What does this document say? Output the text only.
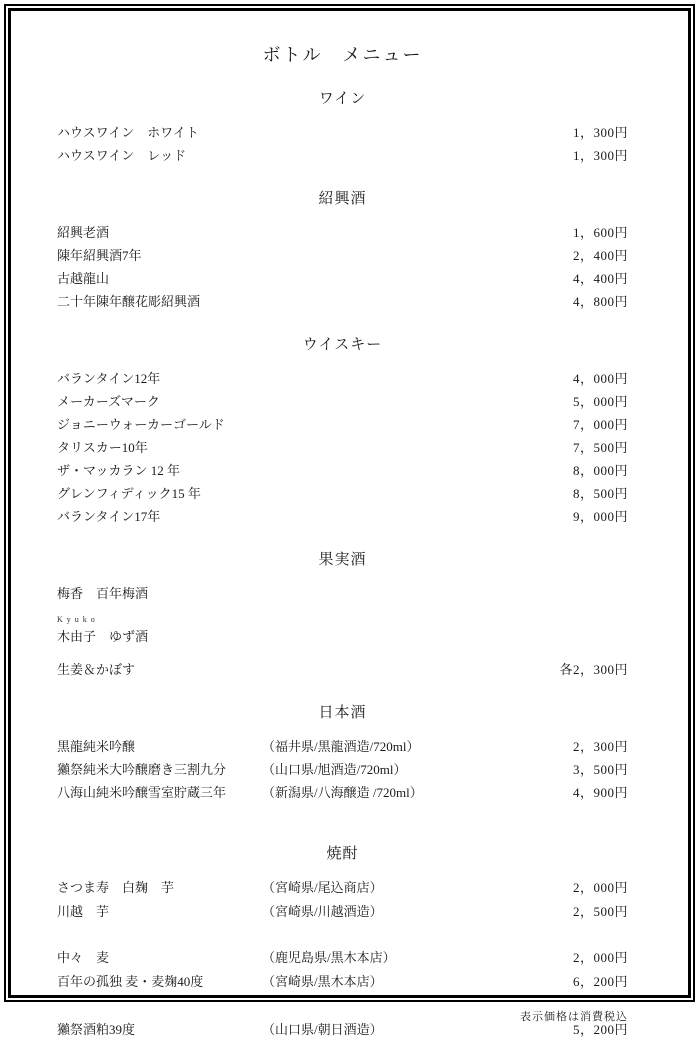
ボトル　メニュー
ワイン
ハウスワイン　ホワイト	1，300円
ハウスワイン　レッド	1，300円
紹興酒
紹興老酒	1，600円
陳年紹興酒7年	2，400円
古越龍山	4，400円
二十年陳年醸花彫紹興酒	4，800円
ウイスキー
バランタイン12年	4，000円
メーカーズマーク	5，000円
ジョニーウォーカーゴールド	7，000円
タリスカー10年	7，500円
ザ・マッカラン 12 年	8，000円
グレンフィディック15 年	8，500円
バランタイン17年	9，000円
果実酒
梅香　百年梅酒
Kyuko
木由子　ゆず酒
生姜＆かぼす	各2，300円
日本酒
黒龍純米吟醸	（福井県/黒龍酒造/720ml）	2，300円
獺祭純米大吟醸磨き三割九分	（山口県/旭酒造/720ml）	3，500円
八海山純米吟醸雪室貯蔵三年	（新潟県/八海醸造 /720ml）	4，900円
焼酎
さつま寿　白麹　芋	（宮崎県/尾込商店）	2，000円
川越　芋	（宮崎県/川越酒造）	2，500円
中々　麦	（鹿児島県/黒木本店）	2，000円
百年の孤独 麦・麦麹40度	（宮崎県/黒木本店）	6，200円
獺祭酒粕39度	（山口県/朝日酒造）	5，200円
表示価格は消費税込
